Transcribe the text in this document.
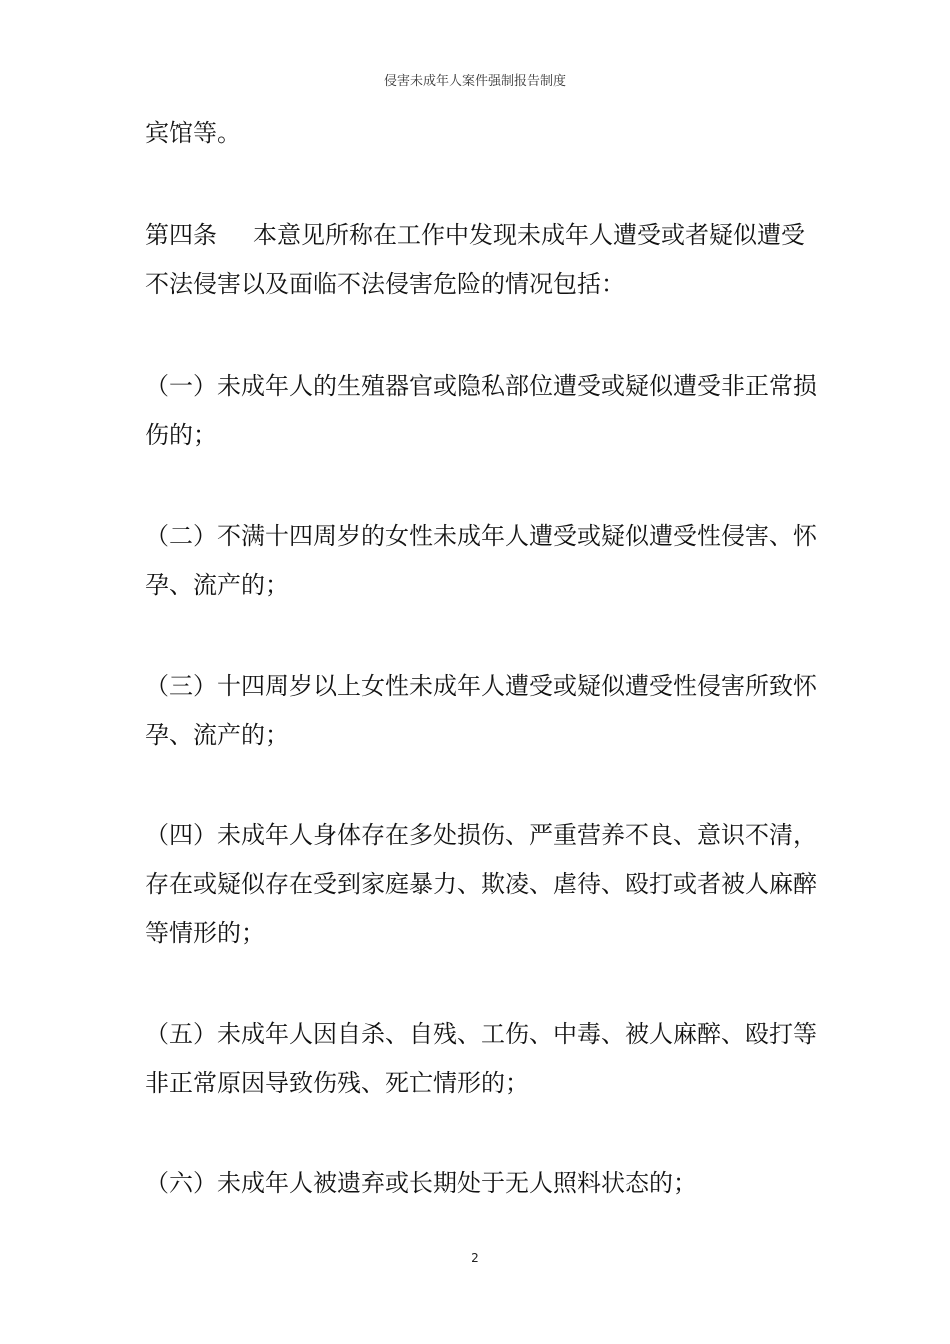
侵害未成年人案件强制报告制度
宾馆等。
第四条 本意见所称在工作中发现未成年人遭受或者疑似遭受
不法侵害以及面临不法侵害危险的情况包括：
（一）未成年人的生殖器官或隐私部位遭受或疑似遭受非正常损
伤的；
（二）不满十四周岁的女性未成年人遭受或疑似遭受性侵害、怀
孕、流产的；
（三）十四周岁以上女性未成年人遭受或疑似遭受性侵害所致怀
孕、流产的；
（四）未成年人身体存在多处损伤、严重营养不良、意识不清，
存在或疑似存在受到家庭暴力、欺凌、虐待、殴打或者被人麻醉
等情形的；
（五）未成年人因自杀、自残、工伤、中毒、被人麻醉、殴打等
非正常原因导致伤残、死亡情形的；
（六）未成年人被遗弃或长期处于无人照料状态的；
2
